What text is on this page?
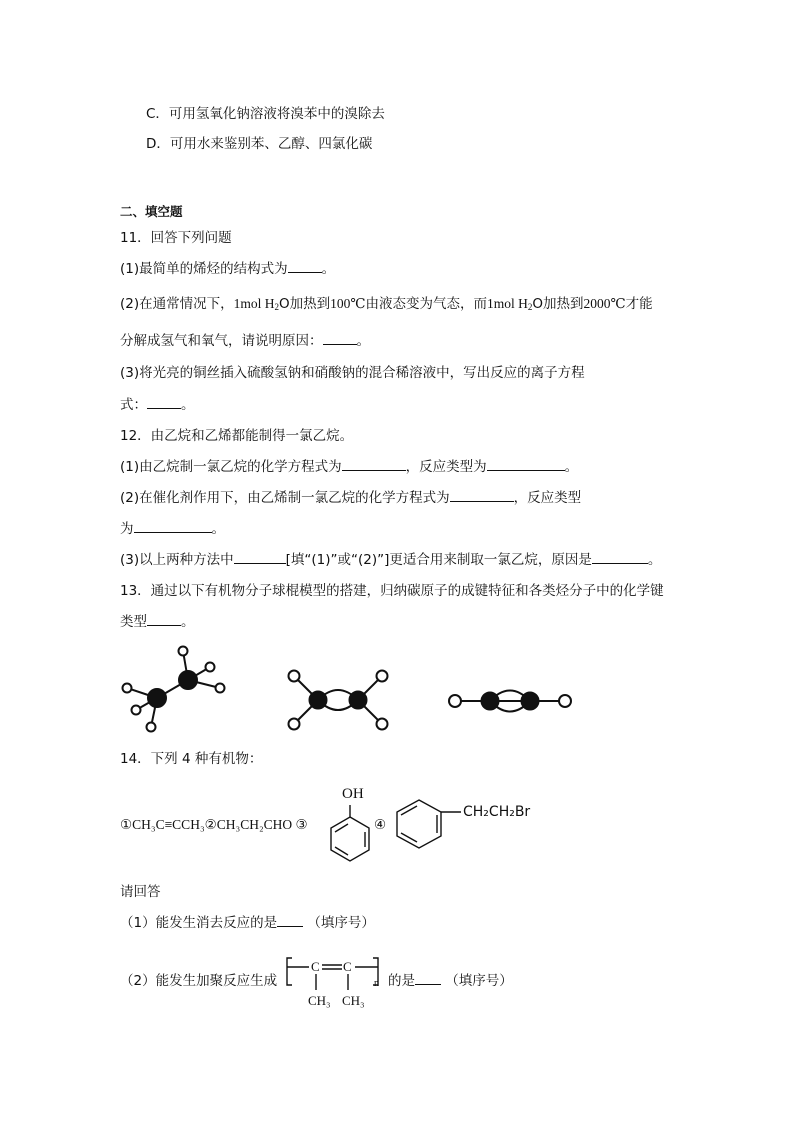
C．可用氢氧化钠溶液将溴苯中的溴除去
D．可用水来鉴别苯、乙醇、四氯化碳
二、填空题
11．回答下列问题
(1)最简单的烯烃的结构式为	。
(2)在通常情况下，1mol $H_2O$加热到100℃由液态变为气态，而1mol $H_2O$加热到2000℃才能
分解成氢气和氧气，请说明原因：	。
(3)将光亮的铜丝插入硫酸氢钠和硝酸钠的混合稀溶液中，写出反应的离子方程
式：	。
12．由乙烷和乙烯都能制得一氯乙烷。
(1)由乙烷制一氯乙烷的化学方程式为	，反应类型为	。
(2)在催化剂作用下，由乙烯制一氯乙烷的化学方程式为	，反应类型
为	。
(3)以上两种方法中	[填“(1)”或“(2)”]更适合用来制取一氯乙烷，原因是	。
13．通过以下有机物分子球棍模型的搭建，归纳碳原子的成键特征和各类烃分子中的化学键
类型	。
14．下列 4 种有机物：
①CH₃C≡CCH₃②CH₃CH₂CHO ③
OH
④
CH₂CH₂Br
请回答
（1）能发生消去反应的是 （填序号）
（2）能发生加聚反应生成
C C
n
CH₃ CH₃
的是 （填序号）
